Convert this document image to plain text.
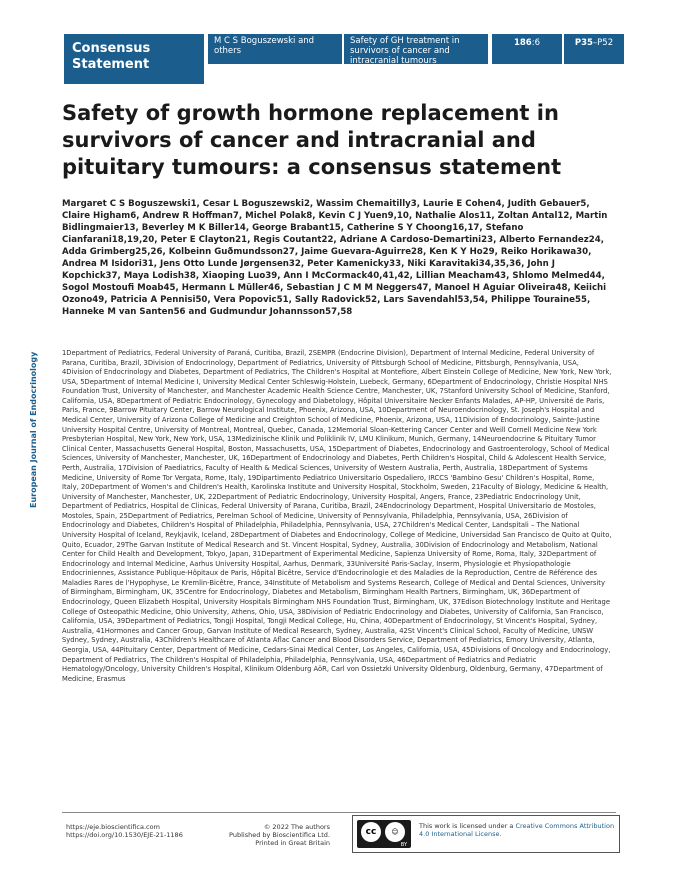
Consensus Statement
M C S Boguszewski and others
Safety of GH treatment in survivors of cancer and intracranial tumours
186:6	P35–P52
European Journal of Endocrinology
Safety of growth hormone replacement in survivors of cancer and intracranial and pituitary tumours: a consensus statement
Margaret C S Boguszewski1, Cesar L Boguszewski2, Wassim Chemaitilly3, Laurie E Cohen4, Judith Gebauer5, Claire Higham6, Andrew R Hoffman7, Michel Polak8, Kevin C J Yuen9,10, Nathalie Alos11, Zoltan Antal12, Martin Bidlingmaier13, Beverley M K Biller14, George Brabant15, Catherine S Y Choong16,17, Stefano Cianfarani18,19,20, Peter E Clayton21, Regis Coutant22, Adriane A Cardoso-Demartini23, Alberto Fernandez24, Adda Grimberg25,26, Kolbeinn Guðmundsson27, Jaime Guevara-Aguirre28, Ken K Y Ho29, Reiko Horikawa30, Andrea M Isidori31, Jens Otto Lunde Jørgensen32, Peter Kamenicky33, Niki Karavitaki34,35,36, John J Kopchick37, Maya Lodish38, Xiaoping Luo39, Ann I McCormack40,41,42, Lillian Meacham43, Shlomo Melmed44, Sogol Mostoufi Moab45, Hermann L Müller46, Sebastian J C M M Neggers47, Manoel H Aguiar Oliveira48, Keiichi Ozono49, Patricia A Pennisi50, Vera Popovic51, Sally Radovick52, Lars Savendahl53,54, Philippe Touraine55, Hanneke M van Santen56 and Gudmundur Johannsson57,58
1Department of Pediatrics, Federal University of Paraná, Curitiba, Brazil, 2SEMPR (Endocrine Division), Department of Internal Medicine, Federal University of Parana, Curitiba, Brazil, 3Division of Endocrinology, Department of Pediatrics, University of Pittsburgh School of Medicine, Pittsburgh, Pennsylvania, USA, 4Division of Endocrinology and Diabetes, Department of Pediatrics, The Children's Hospital at Montefiore, Albert Einstein College of Medicine, New York, New York, USA, 5Department of Internal Medicine I, University Medical Center Schleswig-Holstein, Luebeck, Germany, 6Department of Endocrinology, Christie Hospital NHS Foundation Trust, University of Manchester, and Manchester Academic Health Science Centre, Manchester, UK, 7Stanford University School of Medicine, Stanford, California, USA, 8Department of Pediatric Endocrinology, Gynecology and Diabetology, Hôpital Universitaire Necker Enfants Malades, AP-HP, Université de Paris, Paris, France, 9Barrow Pituitary Center, Barrow Neurological Institute, Phoenix, Arizona, USA, 10Department of Neuroendocrinology, St. Joseph's Hospital and Medical Center, University of Arizona College of Medicine and Creighton School of Medicine, Phoenix, Arizona, USA, 11Division of Endocrinology, Sainte-Justine University Hospital Centre, University of Montreal, Montreal, Quebec, Canada, 12Memorial Sloan-Kettering Cancer Center and Weill Cornell Medicine New York Presbyterian Hospital, New York, New York, USA, 13Medizinische Klinik und Poliklinik IV, LMU Klinikum, Munich, Germany, 14Neuroendocrine & Pituitary Tumor Clinical Center, Massachusetts General Hospital, Boston, Massachusetts, USA, 15Department of Diabetes, Endocrinology and Gastroenterology, School of Medical Sciences, University of Manchester, Manchester, UK, 16Department of Endocrinology and Diabetes, Perth Children's Hospital, Child & Adolescent Health Service, Perth, Australia, 17Division of Paediatrics, Faculty of Health & Medical Sciences, University of Western Australia, Perth, Australia, 18Department of Systems Medicine, University of Rome Tor Vergata, Rome, Italy, 19Dipartimento Pediatrico Universitario Ospedaliero, IRCCS 'Bambino Gesu' Children's Hospital, Rome, Italy, 20Department of Women's and Children's Health, Karolinska Institute and University Hospital, Stockholm, Sweden, 21Faculty of Biology, Medicine & Health, University of Manchester, Manchester, UK, 22Department of Pediatric Endocrinology, University Hospital, Angers, France, 23Pediatric Endocrinology Unit, Department of Pediatrics, Hospital de Clinicas, Federal University of Parana, Curitiba, Brazil, 24Endocrinology Department, Hospital Universitario de Mostoles, Mostoles, Spain, 25Department of Pediatrics, Perelman School of Medicine, University of Pennsylvania, Philadelphia, Pennsylvania, USA, 26Division of Endocrinology and Diabetes, Children's Hospital of Philadelphia, Philadelphia, Pennsylvania, USA, 27Children's Medical Center, Landspitali – The National University Hospital of Iceland, Reykjavik, Iceland, 28Department of Diabetes and Endocrinology, College of Medicine, Universidad San Francisco de Quito at Quito, Quito, Ecuador, 29The Garvan Institute of Medical Research and St. Vincent Hospital, Sydney, Australia, 30Division of Endocrinology and Metabolism, National Center for Child Health and Development, Tokyo, Japan, 31Department of Experimental Medicine, Sapienza University of Rome, Roma, Italy, 32Department of Endocrinology and Internal Medicine, Aarhus University Hospital, Aarhus, Denmark, 33Université Paris-Saclay, Inserm, Physiologie et Physiopathologie Endocriniennes, Assistance Publique-Hôpitaux de Paris, Hôpital Bicêtre, Service d'Endocrinologie et des Maladies de la Reproduction, Centre de Référence des Maladies Rares de l'Hypophyse, Le Kremlin-Bicêtre, France, 34Institute of Metabolism and Systems Research, College of Medical and Dental Sciences, University of Birmingham, Birmingham, UK, 35Centre for Endocrinology, Diabetes and Metabolism, Birmingham Health Partners, Birmingham, UK, 36Department of Endocrinology, Queen Elizabeth Hospital, University Hospitals Birmingham NHS Foundation Trust, Birmingham, UK, 37Edison Biotechnology Institute and Heritage College of Osteopathic Medicine, Ohio University, Athens, Ohio, USA, 38Division of Pediatric Endocrinology and Diabetes, University of California, San Francisco, California, USA, 39Department of Pediatrics, Tongji Hospital, Tongji Medical College, Hu, China, 40Department of Endocrinology, St Vincent's Hospital, Sydney, Australia, 41Hormones and Cancer Group, Garvan Institute of Medical Research, Sydney, Australia, 42St Vincent's Clinical School, Faculty of Medicine, UNSW Sydney, Sydney, Australia, 43Children's Healthcare of Atlanta Aflac Cancer and Blood Disorders Service, Department of Pediatrics, Emory University, Atlanta, Georgia, USA, 44Pituitary Center, Department of Medicine, Cedars-Sinai Medical Center, Los Angeles, California, USA, 45Divisions of Oncology and Endocrinology, Department of Pediatrics, The Children's Hospital of Philadelphia, Philadelphia, Pennsylvania, USA, 46Department of Pediatrics and Pediatric Hematology/Oncology, University Children's Hospital, Klinikum Oldenburg AöR, Carl von Ossietzki University Oldenburg, Oldenburg, Germany, 47Department of Medicine, Erasmus
https://eje.bioscientifica.com
https://doi.org/10.1530/EJE-21-1186
© 2022 The authors
Published by Bioscientifica Ltd.
Printed in Great Britain
cc	☺
BY
This work is licensed under a Creative Commons Attribution 4.0 International License.
